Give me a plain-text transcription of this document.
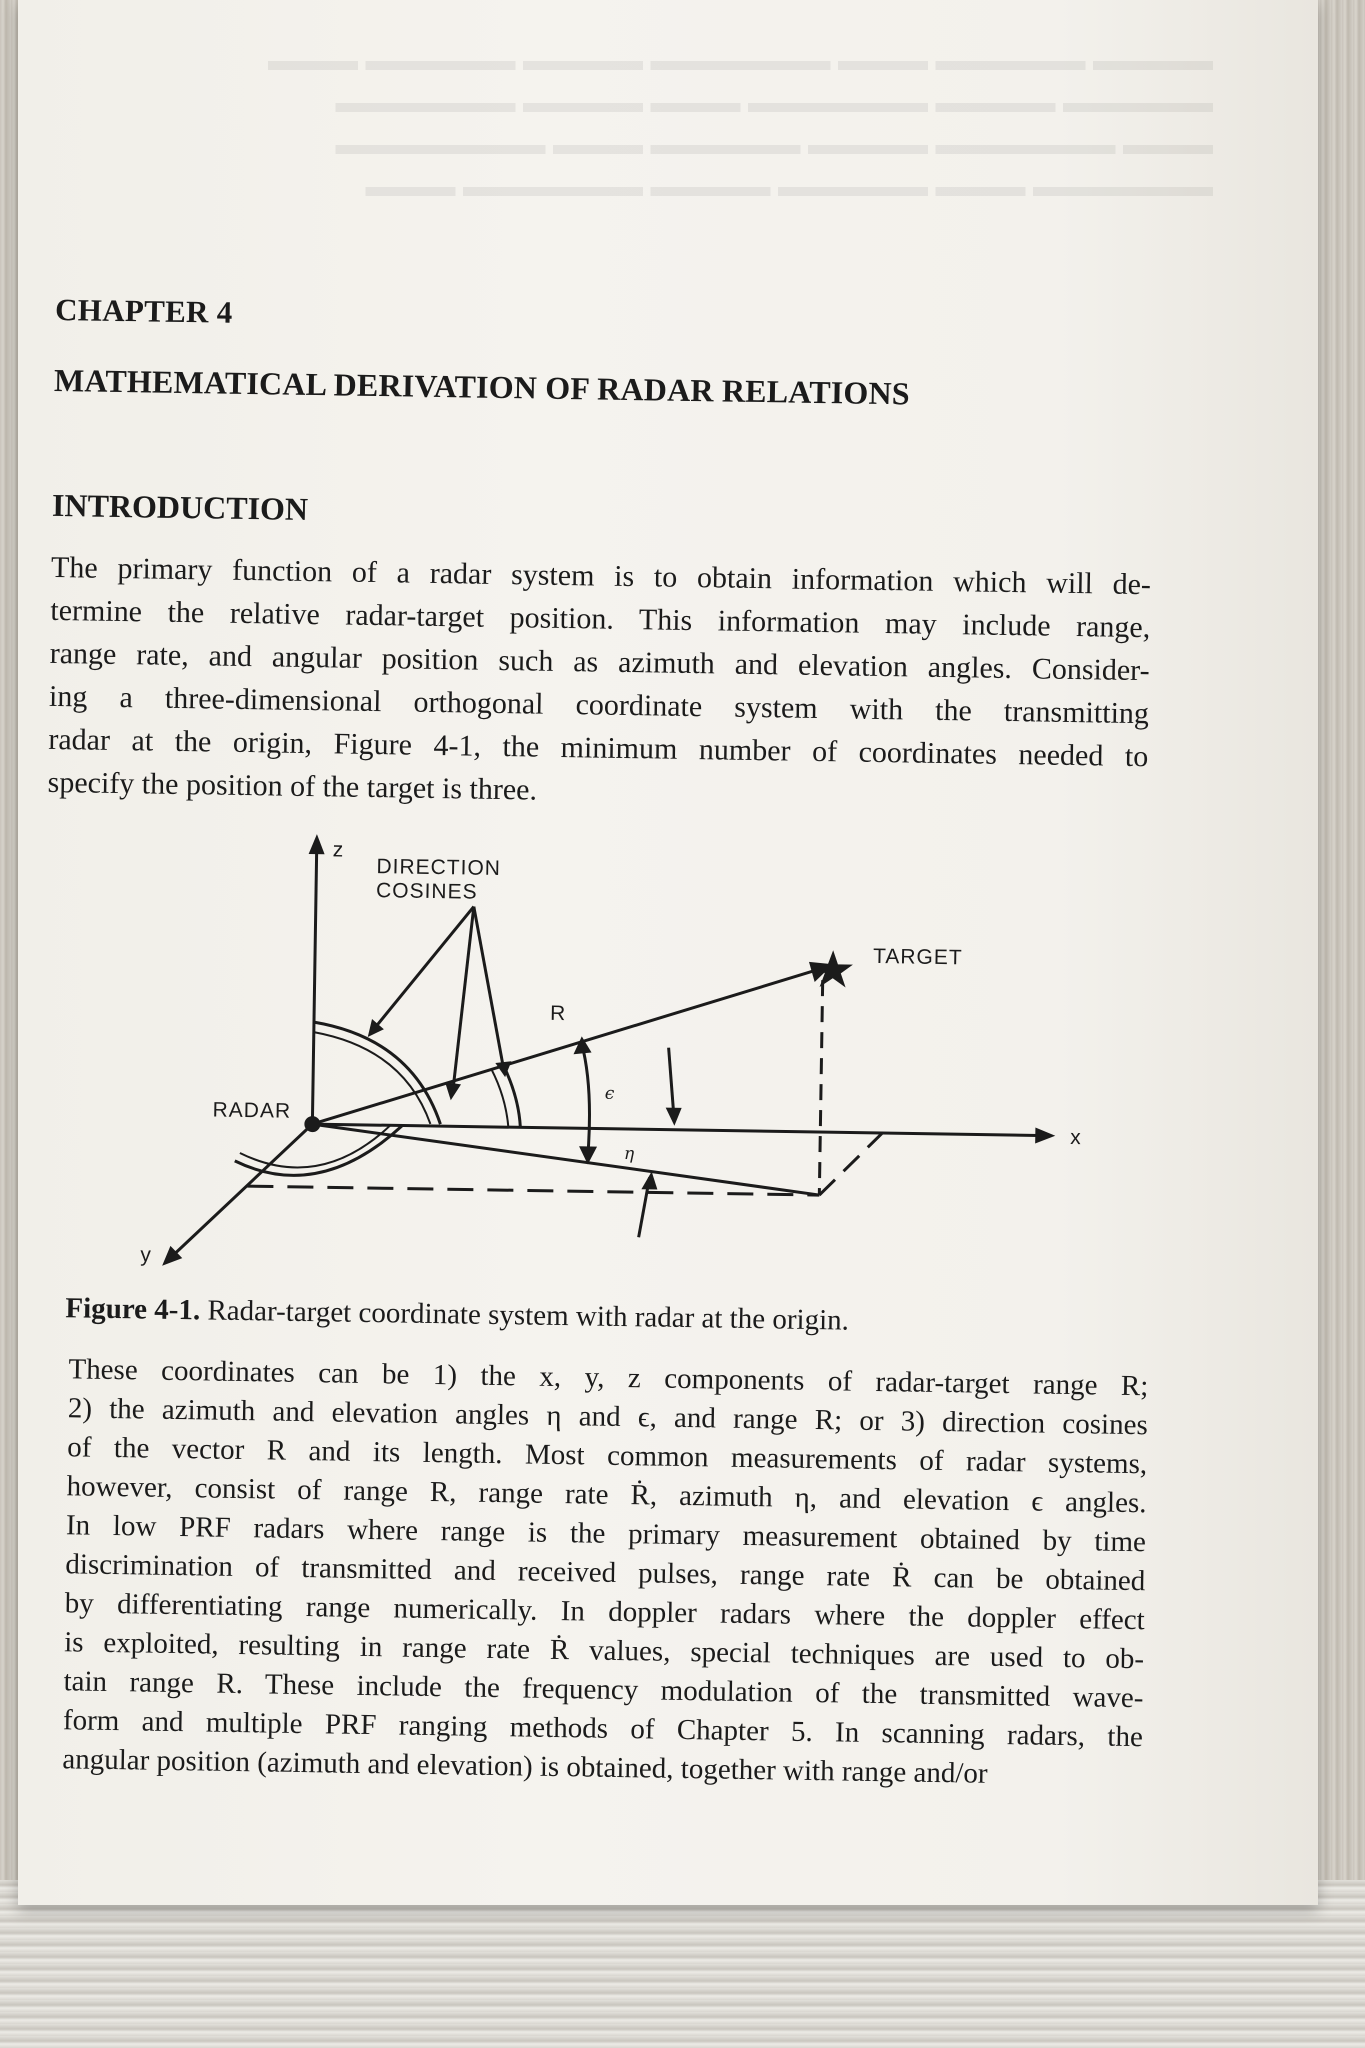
▬▬▬▬ ▬▬▬▬▬ ▬▬▬ ▬▬▬▬▬▬ ▬▬▬▬ ▬▬▬▬▬ ▬▬▬
▬▬▬▬▬ ▬▬▬▬ ▬▬▬▬▬▬ ▬▬▬ ▬▬▬▬ ▬▬▬▬▬▬
▬▬▬ ▬▬▬▬▬▬ ▬▬▬▬ ▬▬▬▬▬ ▬▬▬ ▬▬▬▬▬▬▬
▬▬▬▬▬▬ ▬▬▬ ▬▬▬▬▬ ▬▬▬▬ ▬▬▬▬▬▬ ▬▬▬
CHAPTER 4
MATHEMATICAL DERIVATION OF RADAR RELATIONS
INTRODUCTION

The primary function of a radar system is to obtain information which will de-

termine the relative radar-target position. This information may include range,

range rate, and angular position such as azimuth and elevation angles. Consider-

ing a three-dimensional orthogonal coordinate system with the transmitting

radar at the origin, Figure 4-1, the minimum number of coordinates needed to

specify the position of the target is three.

z
x
y
DIRECTION
COSINES
TARGET
RADAR
R
ϵ
η
Figure 4-1. Radar-target coordinate system with radar at the origin.

These coordinates can be 1) the x, y, z components of radar-target range R;

2) the azimuth and elevation angles η and ϵ, and range R; or 3) direction cosines

of the vector R and its length. Most common measurements of radar systems,

however, consist of range R, range rate Ṙ, azimuth η, and elevation ϵ angles.

In low PRF radars where range is the primary measurement obtained by time

discrimination of transmitted and received pulses, range rate Ṙ can be obtained

by differentiating range numerically. In doppler radars where the doppler effect

is exploited, resulting in range rate Ṙ values, special techniques are used to ob-

tain range R. These include the frequency modulation of the transmitted wave-

form and multiple PRF ranging methods of Chapter 5. In scanning radars, the

angular position (azimuth and elevation) is obtained, together with range and/or
